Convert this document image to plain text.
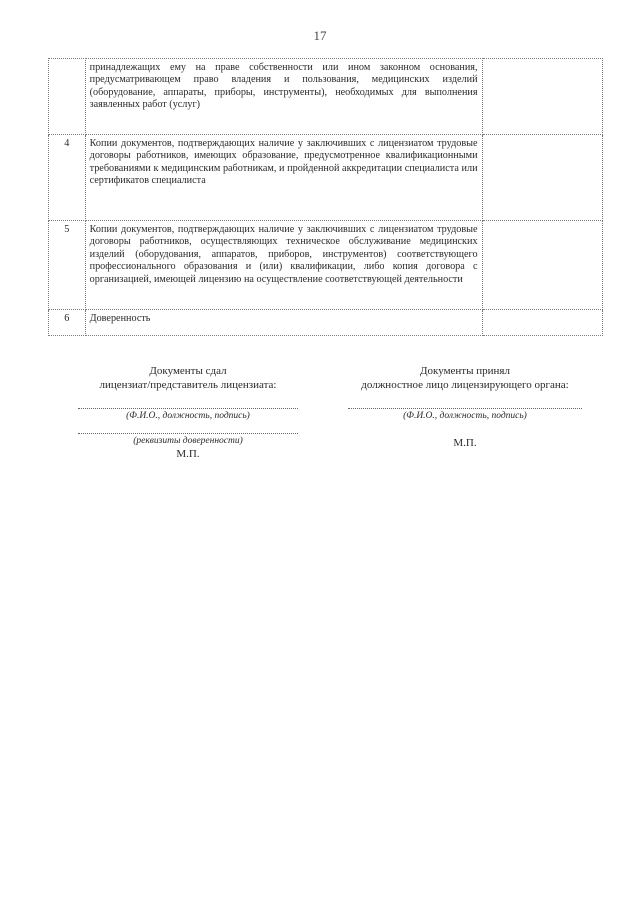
17
	принадлежащих ему на праве собственности или ином законном основания, предусматривающем право владения и пользования, медицинских изделий (оборудование, аппараты, приборы, инструменты), необходимых для выполнения заявленных работ (услуг)	
4	Копии документов, подтверждающих наличие у заключивших с лицензиатом трудовые договоры работников, имеющих образование, предусмотренное квалификационными требованиями к медицинским работникам, и пройденной аккредитации специалиста или сертификатов специалиста	
5	Копии документов, подтверждающих наличие у заключивших с лицензиатом трудовые договоры работников, осуществляющих техническое обслуживание медицинских изделий (оборудования, аппаратов, приборов, инструментов) соответствующего профессионального образования и (или) квалификации, либо копия договора с организацией, имеющей лицензию на осуществление соответствующей деятельности	
6	Доверенность	
Документы сдал
лицензиат/представитель лицензиата:
(Ф.И.О., должность, подпись)
(реквизиты доверенности)
М.П.
Документы принял
должностное лицо лицензирующего органа:
(Ф.И.О., должность, подпись)
М.П.
